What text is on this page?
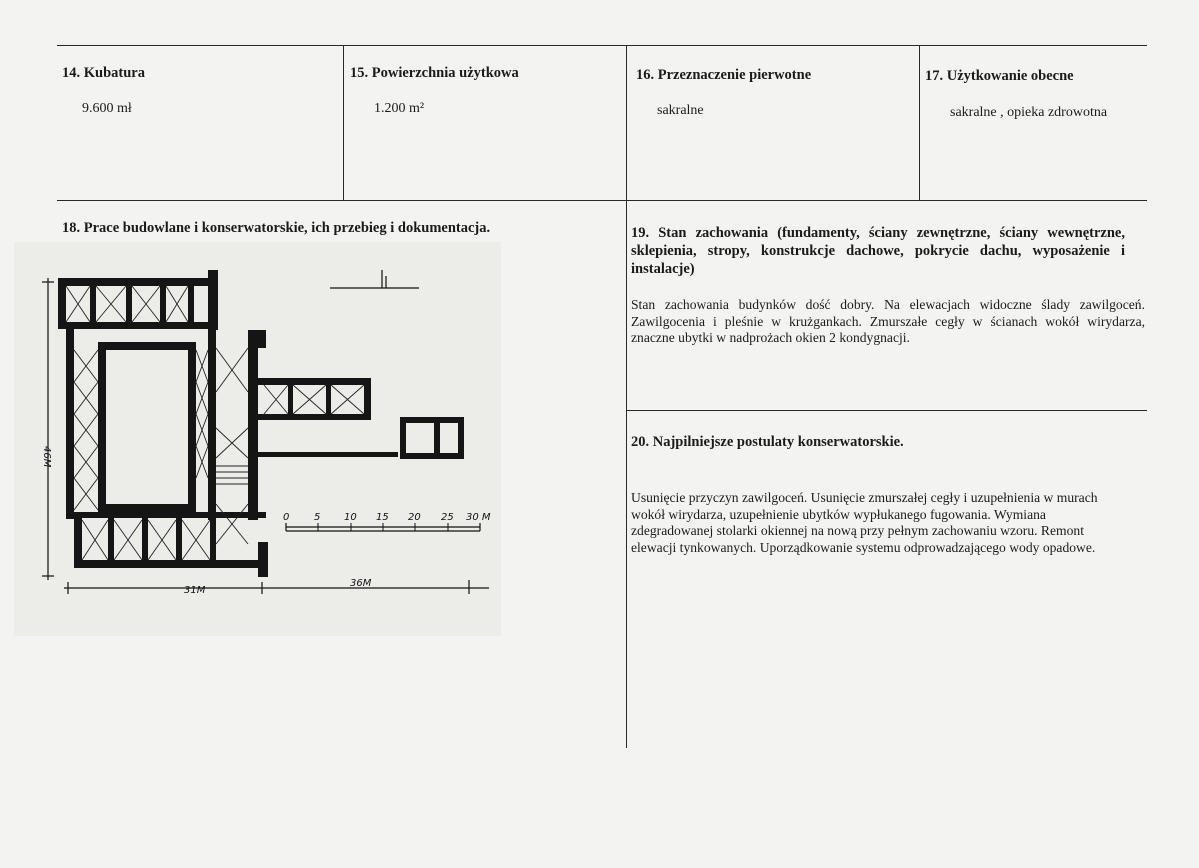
14. Kubatura
9.600 mł
15. Powierzchnia użytkowa
1.200 m²
16. Przeznaczenie pierwotne
sakralne
17. Użytkowanie obecne
sakralne , opieka zdrowotna
18. Prace budowlane i konserwatorskie, ich przebieg i dokumentacja.
46M
31M
36M
0 5 10 15 20 25 30 M
19. Stan zachowania (fundamenty, ściany zewnętrzne, ściany wewnętrzne, sklepienia, stropy, konstrukcje dachowe, pokrycie dachu, wyposażenie i instalacje)
Stan zachowania budynków dość dobry. Na elewacjach widoczne ślady zawilgoceń. Zawilgocenia i pleśnie w krużgankach. Zmurszałe cegły w ścianach wokół wirydarza, znaczne ubytki w nadprożach okien 2 kondygnacji.
20. Najpilniejsze postulaty konserwatorskie.
Usunięcie przyczyn zawilgoceń. Usunięcie zmurszałej cegły i uzupełnienia w murach wokół wirydarza, uzupełnienie ubytków wypłukanego fugowania. Wymiana zdegradowanej stolarki okiennej na nową przy pełnym zachowaniu wzoru. Remont elewacji tynkowanych. Uporządkowanie systemu odprowadzającego wody opadowe.
